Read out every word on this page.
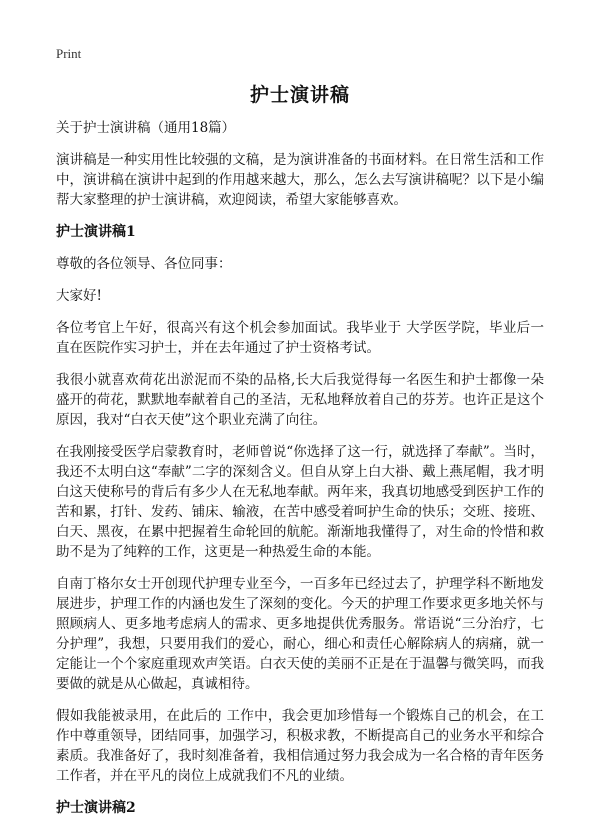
Print
护士演讲稿

关于护士演讲稿（通用18篇）

演讲稿是一种实用性比较强的文稿，是为演讲准备的书面材料。在日常生活和工作中，演讲稿在演讲中起到的作用越来越大，那么，怎么去写演讲稿呢？以下是小编帮大家整理的护士演讲稿，欢迎阅读，希望大家能够喜欢。

护士演讲稿1

尊敬的各位领导、各位同事：

大家好!

各位考官上午好，很高兴有这个机会参加面试。我毕业于 大学医学院，毕业后一直在医院作实习护士，并在去年通过了护士资格考试。

我很小就喜欢荷花出淤泥而不染的品格,长大后我觉得每一名医生和护士都像一朵盛开的荷花，默默地奉献着自己的圣洁，无私地释放着自己的芬芳。也许正是这个原因，我对“白衣天使”这个职业充满了向往。

在我刚接受医学启蒙教育时，老师曾说“你选择了这一行，就选择了奉献”。当时，我还不太明白这“奉献”二字的深刻含义。但自从穿上白大褂、戴上燕尾帽，我才明白这天使称号的背后有多少人在无私地奉献。两年来，我真切地感受到医护工作的苦和累，打针、发药、铺床、输液，在苦中感受着呵护生命的快乐；交班、接班、白天、黑夜，在累中把握着生命轮回的航舵。渐渐地我懂得了，对生命的怜惜和救助不是为了纯粹的工作，这更是一种热爱生命的本能。

自南丁格尔女士开创现代护理专业至今，一百多年已经过去了，护理学科不断地发展进步，护理工作的内涵也发生了深刻的变化。今天的护理工作要求更多地关怀与照顾病人、更多地考虑病人的需求、更多地提供优秀服务。常语说“三分治疗，七分护理”，我想，只要用我们的爱心，耐心，细心和责任心解除病人的病痛，就一定能让一个个家庭重现欢声笑语。白衣天使的美丽不正是在于温馨与微笑吗，而我要做的就是从心做起，真诚相待。

假如我能被录用，在此后的 工作中，我会更加珍惜每一个锻炼自己的机会，在工作中尊重领导，团结同事，加强学习，积极求教，不断提高自己的业务水平和综合素质。我准备好了，我时刻准备着，我相信通过努力我会成为一名合格的青年医务工作者，并在平凡的岗位上成就我们不凡的业绩。

护士演讲稿2
